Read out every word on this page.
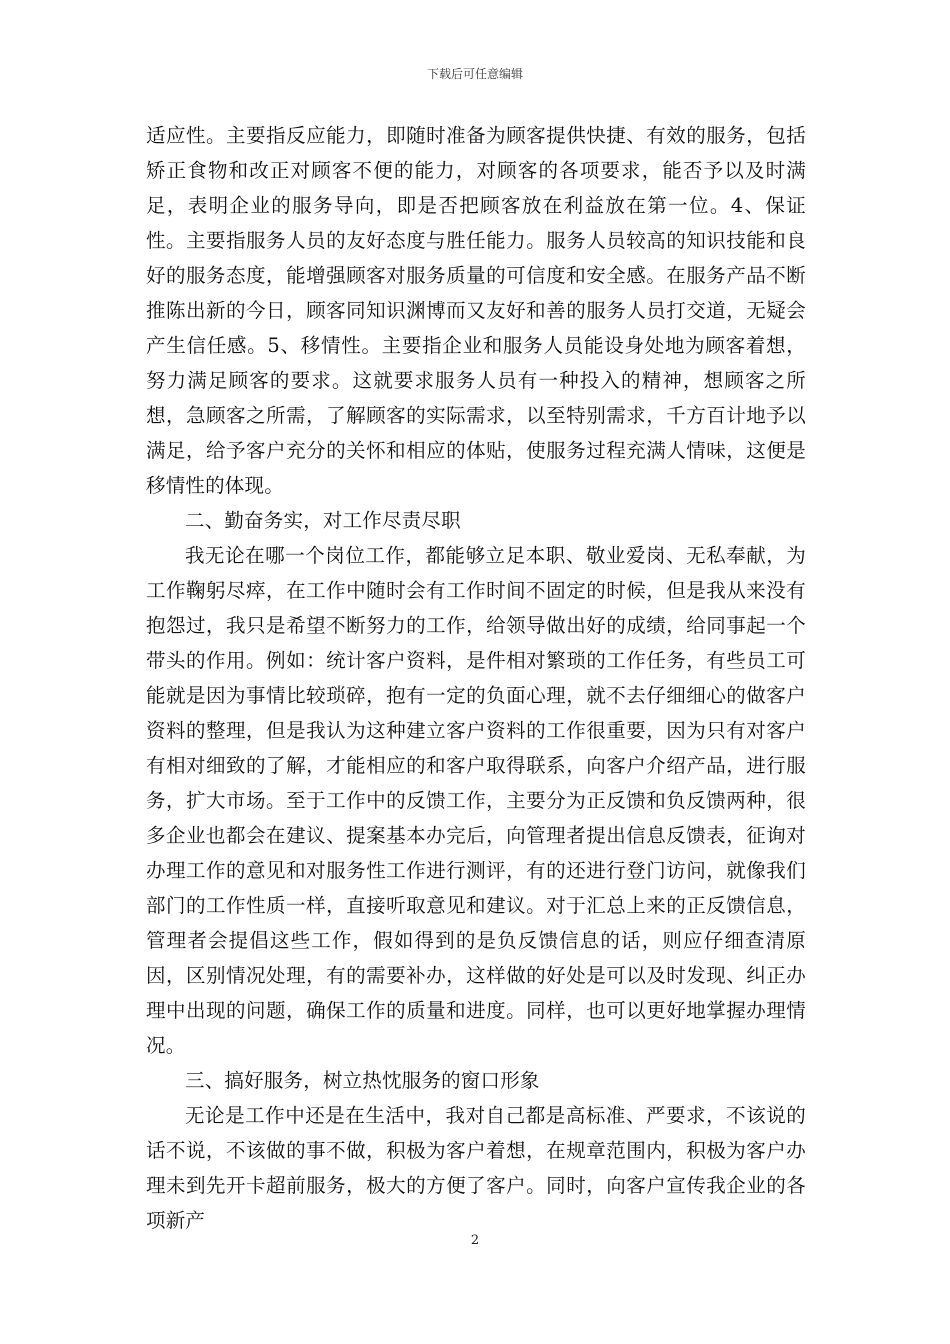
下载后可任意编辑

适应性。主要指反应能力，即随时准备为顾客提供快捷、有效的服务，包括矫正食物和改正对顾客不便的能力，对顾客的各项要求，能否予以及时满足，表明企业的服务导向，即是否把顾客放在利益放在第一位。4、保证性。主要指服务人员的友好态度与胜任能力。服务人员较高的知识技能和良好的服务态度，能增强顾客对服务质量的可信度和安全感。在服务产品不断推陈出新的今日，顾客同知识渊博而又友好和善的服务人员打交道，无疑会产生信任感。5、移情性。主要指企业和服务人员能设身处地为顾客着想，努力满足顾客的要求。这就要求服务人员有一种投入的精神，想顾客之所想，急顾客之所需，了解顾客的实际需求，以至特别需求，千方百计地予以满足，给予客户充分的关怀和相应的体贴，使服务过程充满人情味，这便是移情性的体现。

二、勤奋务实，对工作尽责尽职

我无论在哪一个岗位工作，都能够立足本职、敬业爱岗、无私奉献，为工作鞠躬尽瘁，在工作中随时会有工作时间不固定的时候，但是我从来没有抱怨过，我只是希望不断努力的工作，给领导做出好的成绩，给同事起一个带头的作用。例如：统计客户资料，是件相对繁琐的工作任务，有些员工可能就是因为事情比较琐碎，抱有一定的负面心理，就不去仔细细心的做客户资料的整理，但是我认为这种建立客户资料的工作很重要，因为只有对客户有相对细致的了解，才能相应的和客户取得联系，向客户介绍产品，进行服务，扩大市场。至于工作中的反馈工作，主要分为正反馈和负反馈两种，很多企业也都会在建议、提案基本办完后，向管理者提出信息反馈表，征询对办理工作的意见和对服务性工作进行测评，有的还进行登门访问，就像我们部门的工作性质一样，直接听取意见和建议。对于汇总上来的正反馈信息，管理者会提倡这些工作，假如得到的是负反馈信息的话，则应仔细查清原因，区别情况处理，有的需要补办，这样做的好处是可以及时发现、纠正办理中出现的问题，确保工作的质量和进度。同样，也可以更好地掌握办理情况。

三、搞好服务，树立热忱服务的窗口形象

无论是工作中还是在生活中，我对自己都是高标准、严要求，不该说的话不说，不该做的事不做，积极为客户着想，在规章范围内，积极为客户办理未到先开卡超前服务，极大的方便了客户。同时，向客户宣传我企业的各项新产

2
